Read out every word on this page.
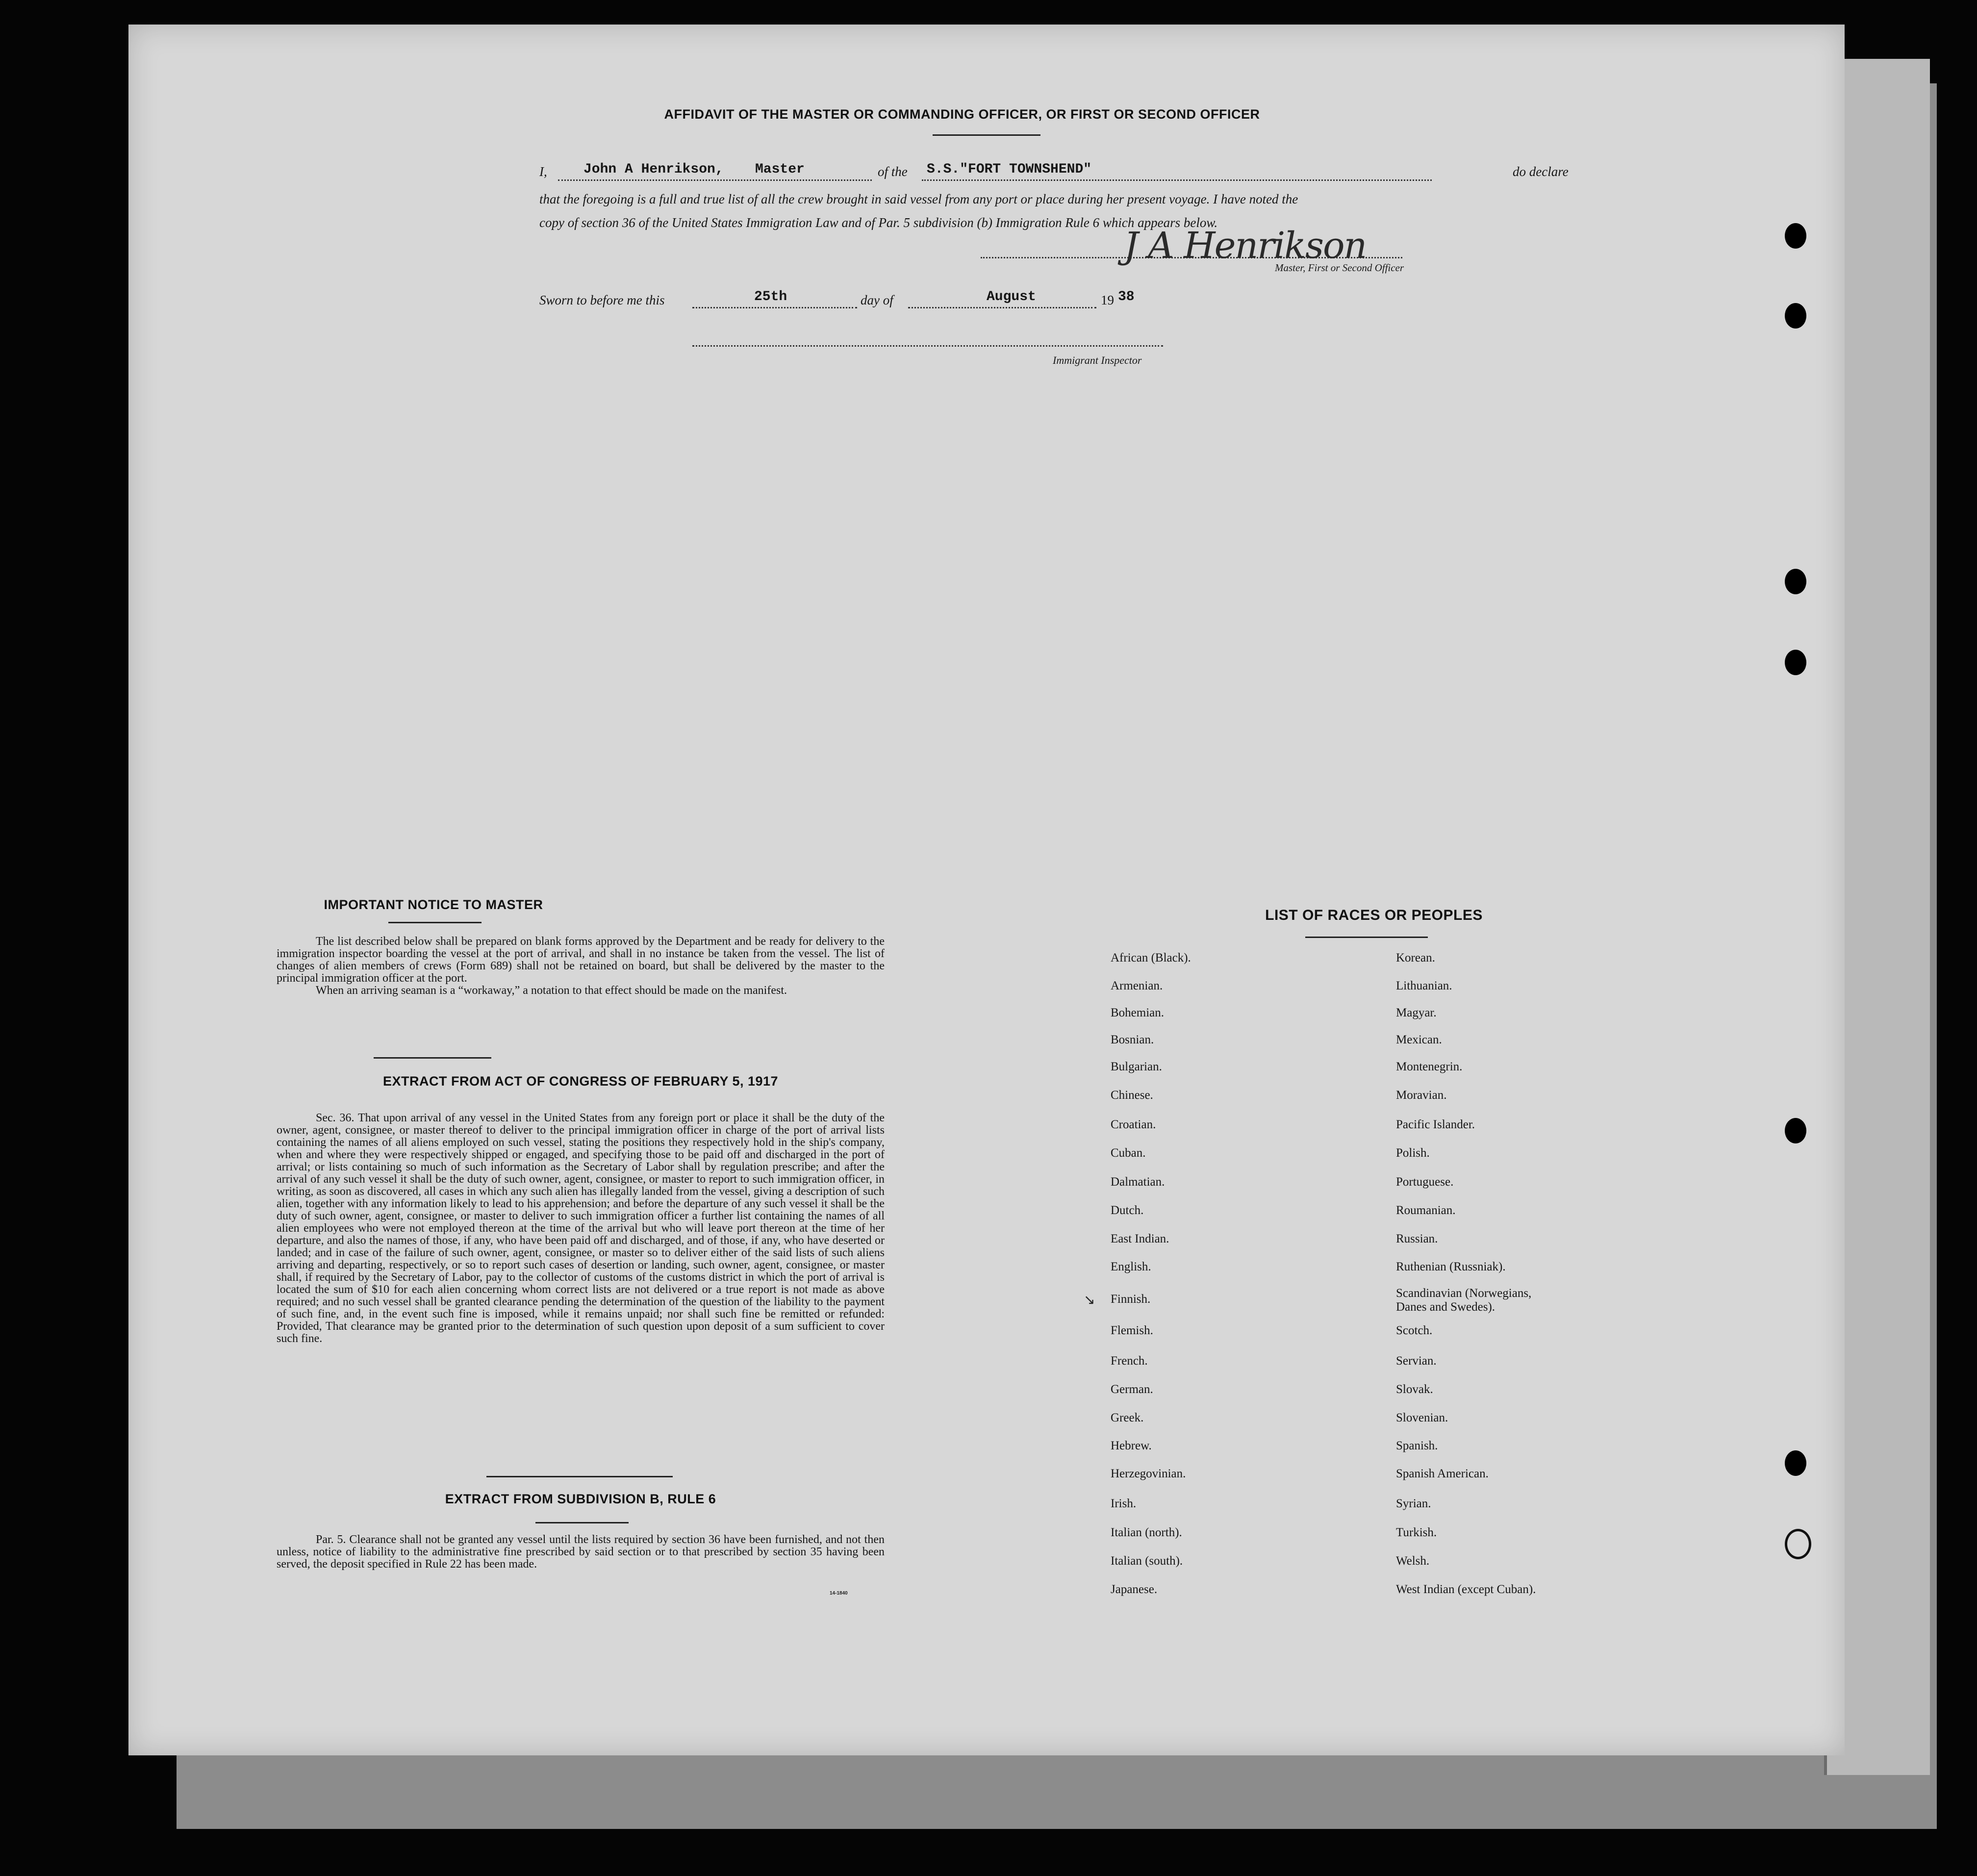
AFFIDAVIT OF THE MASTER OR COMMANDING OFFICER, OR FIRST OR SECOND OFFICER
I,	John A Henrikson, Master	of the S.S."FORT TOWNSHEND"	do declare
that the foregoing is a full and true list of all the crew brought in said vessel from any port or place during her present voyage. I have noted the
copy of section 36 of the United States Immigration Law and of Par. 5 subdivision (b) Immigration Rule 6 which appears below.
J A Henrikson
Master, First or Second Officer
Sworn to before me this	25th	day of	August	19 38
Immigrant Inspector
IMPORTANT NOTICE TO MASTER

The list described below shall be prepared on blank forms approved by the Department and be ready for delivery to the immigration inspector boarding the vessel at the port of arrival, and shall in no instance be taken from the vessel. The list of changes of alien members of crews (Form 689) shall not be retained on board, but shall be delivered by the master to the principal immigration officer at the port.

When an arriving seaman is a “workaway,” a notation to that effect should be made on the manifest.

EXTRACT FROM ACT OF CONGRESS OF FEBRUARY 5, 1917
Sec. 36. That upon arrival of any vessel in the United States from any foreign port or place it shall be the duty of the owner, agent, consignee, or master thereof to deliver to the principal immigration officer in charge of the port of arrival lists containing the names of all aliens employed on such vessel, stating the positions they respectively hold in the ship's company, when and where they were respectively shipped or engaged, and specifying those to be paid off and discharged in the port of arrival; or lists containing so much of such information as the Secretary of Labor shall by regulation prescribe; and after the arrival of any such vessel it shall be the duty of such owner, agent, consignee, or master to report to such immigration officer, in writing, as soon as discovered, all cases in which any such alien has illegally landed from the vessel, giving a description of such alien, together with any information likely to lead to his apprehension; and before the departure of any such vessel it shall be the duty of such owner, agent, consignee, or master to deliver to such immigration officer a further list containing the names of all alien employees who were not employed thereon at the time of the arrival but who will leave port thereon at the time of her departure, and also the names of those, if any, who have been paid off and discharged, and of those, if any, who have deserted or landed; and in case of the failure of such owner, agent, consignee, or master so to deliver either of the said lists of such aliens arriving and departing, respectively, or so to report such cases of desertion or landing, such owner, agent, consignee, or master shall, if required by the Secretary of Labor, pay to the collector of customs of the customs district in which the port of arrival is located the sum of $10 for each alien concerning whom correct lists are not delivered or a true report is not made as above required; and no such vessel shall be granted clearance pending the determination of the question of the liability to the payment of such fine, and, in the event such fine is imposed, while it remains unpaid; nor shall such fine be remitted or refunded: Provided, That clearance may be granted prior to the determination of such question upon deposit of a sum sufficient to cover such fine.
EXTRACT FROM SUBDIVISION B, RULE 6
Par. 5. Clearance shall not be granted any vessel until the lists required by section 36 have been furnished, and not then unless, notice of liability to the administrative fine prescribed by said section or to that prescribed by section 35 having been served, the deposit specified in Rule 22 has been made.
14-1840
LIST OF RACES OR PEOPLES
African (Black).
Armenian.
Bohemian.
Bosnian.
Bulgarian.
Chinese.
Croatian.
Cuban.
Dalmatian.
Dutch.
East Indian.
English.
Finnish.
Flemish.
French.
German.
Greek.
Hebrew.
Herzegovinian.
Irish.
Italian (north).
Italian (south).
Japanese.
Korean.
Lithuanian.
Magyar.
Mexican.
Montenegrin.
Moravian.
Pacific Islander.
Polish.
Portuguese.
Roumanian.
Russian.
Ruthenian (Russniak).
Scandinavian (Norwegians, Danes and Swedes).
Scotch.
Servian.
Slovak.
Slovenian.
Spanish.
Spanish American.
Syrian.
Turkish.
Welsh.
West Indian (except Cuban).
↘
